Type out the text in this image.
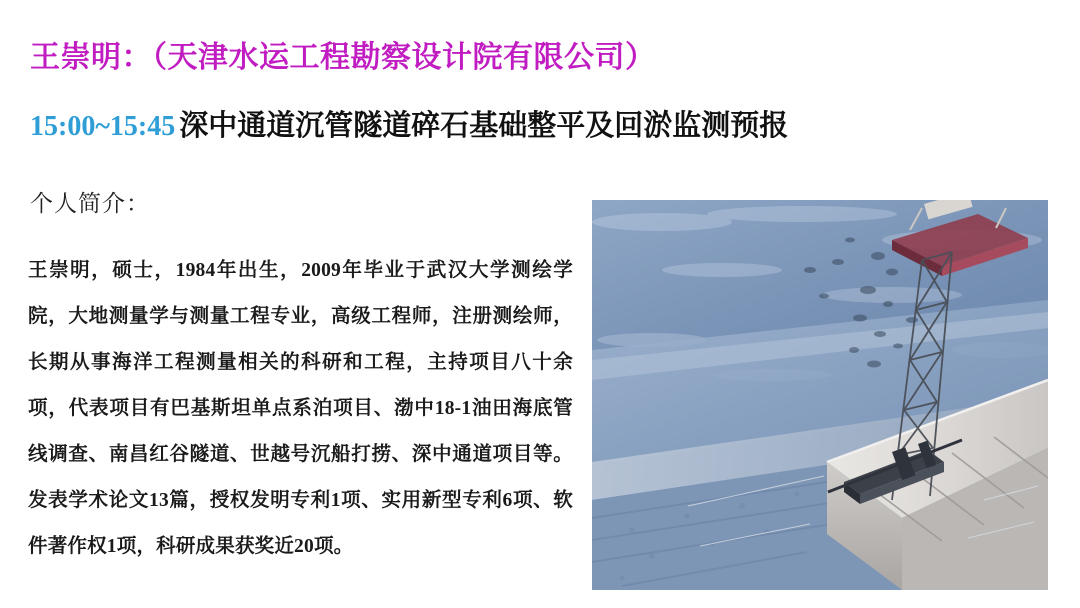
王崇明：（天津水运工程勘察设计院有限公司）
15:00~15:45 深中通道沉管隧道碎石基础整平及回淤监测预报
个人简介：

王崇明，硕士，1984年出生，2009年毕业于武汉大学测绘学院，大地测量学与测量工程专业，高级工程师，注册测绘师，长期从事海洋工程测量相关的科研和工程，主持项目八十余项，代表项目有巴基斯坦单点系泊项目、渤中18-1油田海底管线调查、南昌红谷隧道、世越号沉船打捞、深中通道项目等。发表学术论文13篇，授权发明专利1项、实用新型专利6项、软件著作权1项，科研成果获奖近20项。
